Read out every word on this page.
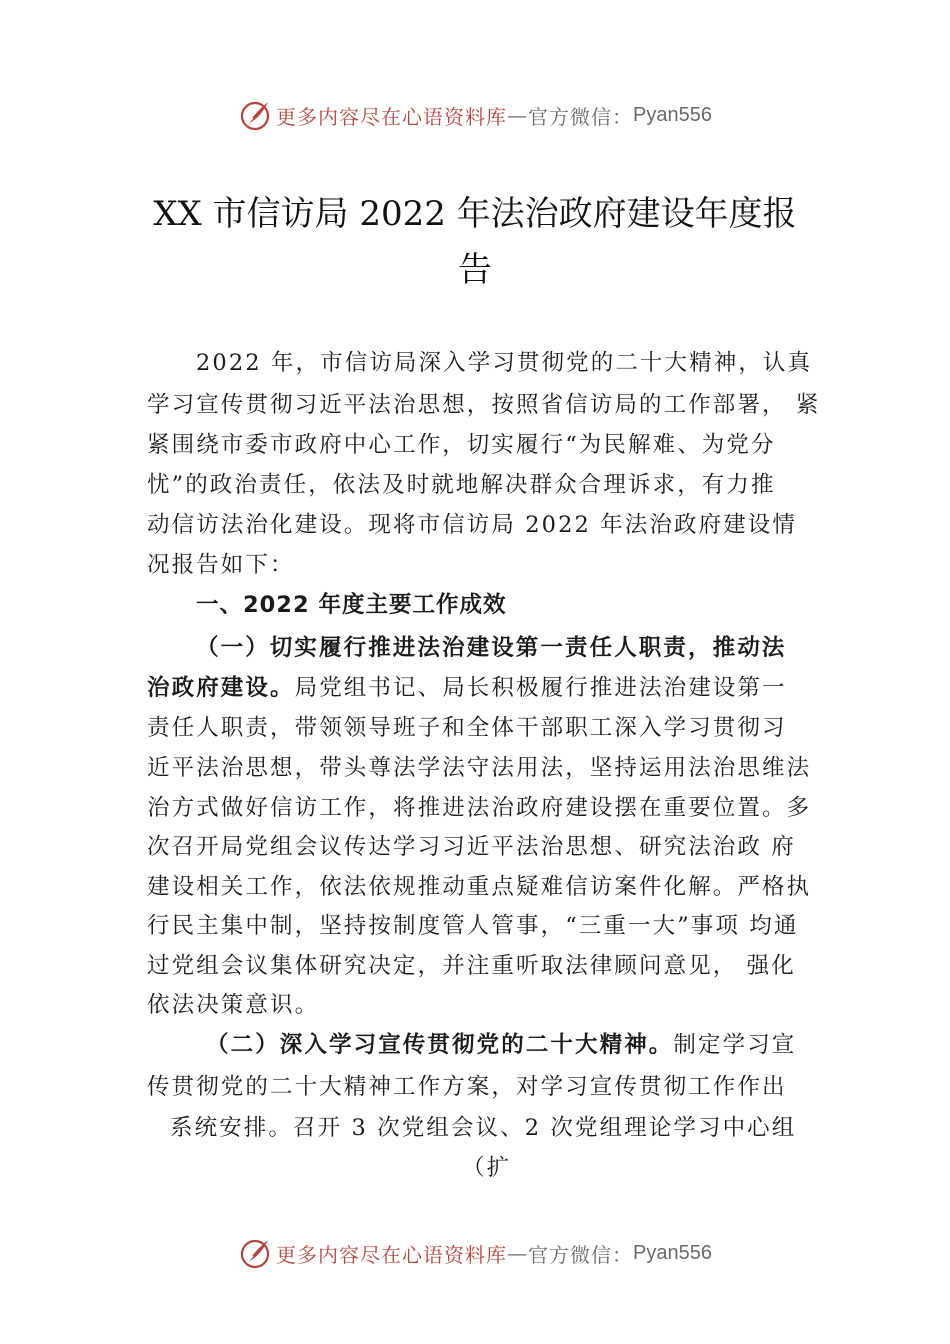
更多内容尽在心语资料库 — 官方微信： Pyan556
XX 市信访局 2022 年法治政府建设年度报
告
2022 年，市信访局深入学习贯彻党的二十大精神，认真
学习宣传贯彻习近平法治思想，按照省信访局的工作部署， 紧
紧围绕市委市政府中心工作，切实履行“为民解难、为党分
忧”的政治责任，依法及时就地解决群众合理诉求，有力推
动信访法治化建设。现将市信访局 2022 年法治政府建设情
况报告如下：
一、2022 年度主要工作成效
（一）切实履行推进法治建设第一责任人职责，推动法
治政府建设。局党组书记、局长积极履行推进法治建设第一
责任人职责，带领领导班子和全体干部职工深入学习贯彻习
近平法治思想，带头尊法学法守法用法，坚持运用法治思维法
治方式做好信访工作，将推进法治政府建设摆在重要位置。多
次召开局党组会议传达学习习近平法治思想、研究法治政 府
建设相关工作，依法依规推动重点疑难信访案件化解。严格执
行民主集中制，坚持按制度管人管事，“三重一大”事项 均通
过党组会议集体研究决定，并注重听取法律顾问意见， 强化
依法决策意识。
（二）深入学习宣传贯彻党的二十大精神。制定学习宣
传贯彻党的二十大精神工作方案，对学习宣传贯彻工作作出
系统安排。召开 3 次党组会议、2 次党组理论学习中心组
（扩
更多内容尽在心语资料库 — 官方微信： Pyan556
